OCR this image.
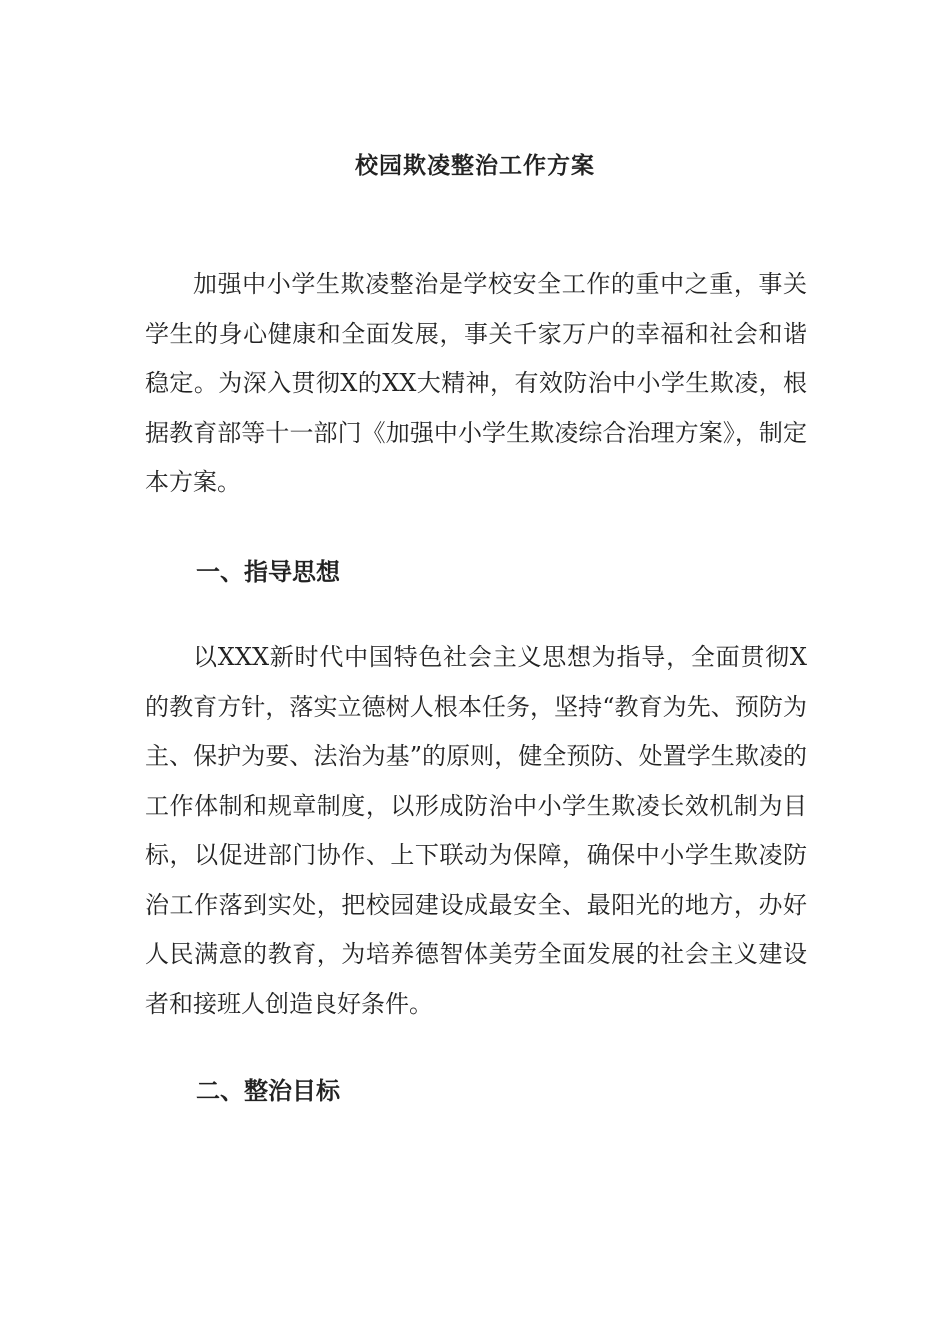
校园欺凌整治工作方案

加强中小学生欺凌整治是学校安全工作的重中之重，事关学生的身心健康和全面发展，事关千家万户的幸福和社会和谐稳定。为深入贯彻X的XX大精神，有效防治中小学生欺凌，根据教育部等十一部门《加强中小学生欺凌综合治理方案》，制定本方案。

一、指导思想

以XXX新时代中国特色社会主义思想为指导，全面贯彻X的教育方针，落实立德树人根本任务，坚持“教育为先、预防为主、保护为要、法治为基”的原则，健全预防、处置学生欺凌的工作体制和规章制度，以形成防治中小学生欺凌长效机制为目标，以促进部门协作、上下联动为保障，确保中小学生欺凌防治工作落到实处，把校园建设成最安全、最阳光的地方，办好人民满意的教育，为培养德智体美劳全面发展的社会主义建设者和接班人创造良好条件。

二、整治目标
